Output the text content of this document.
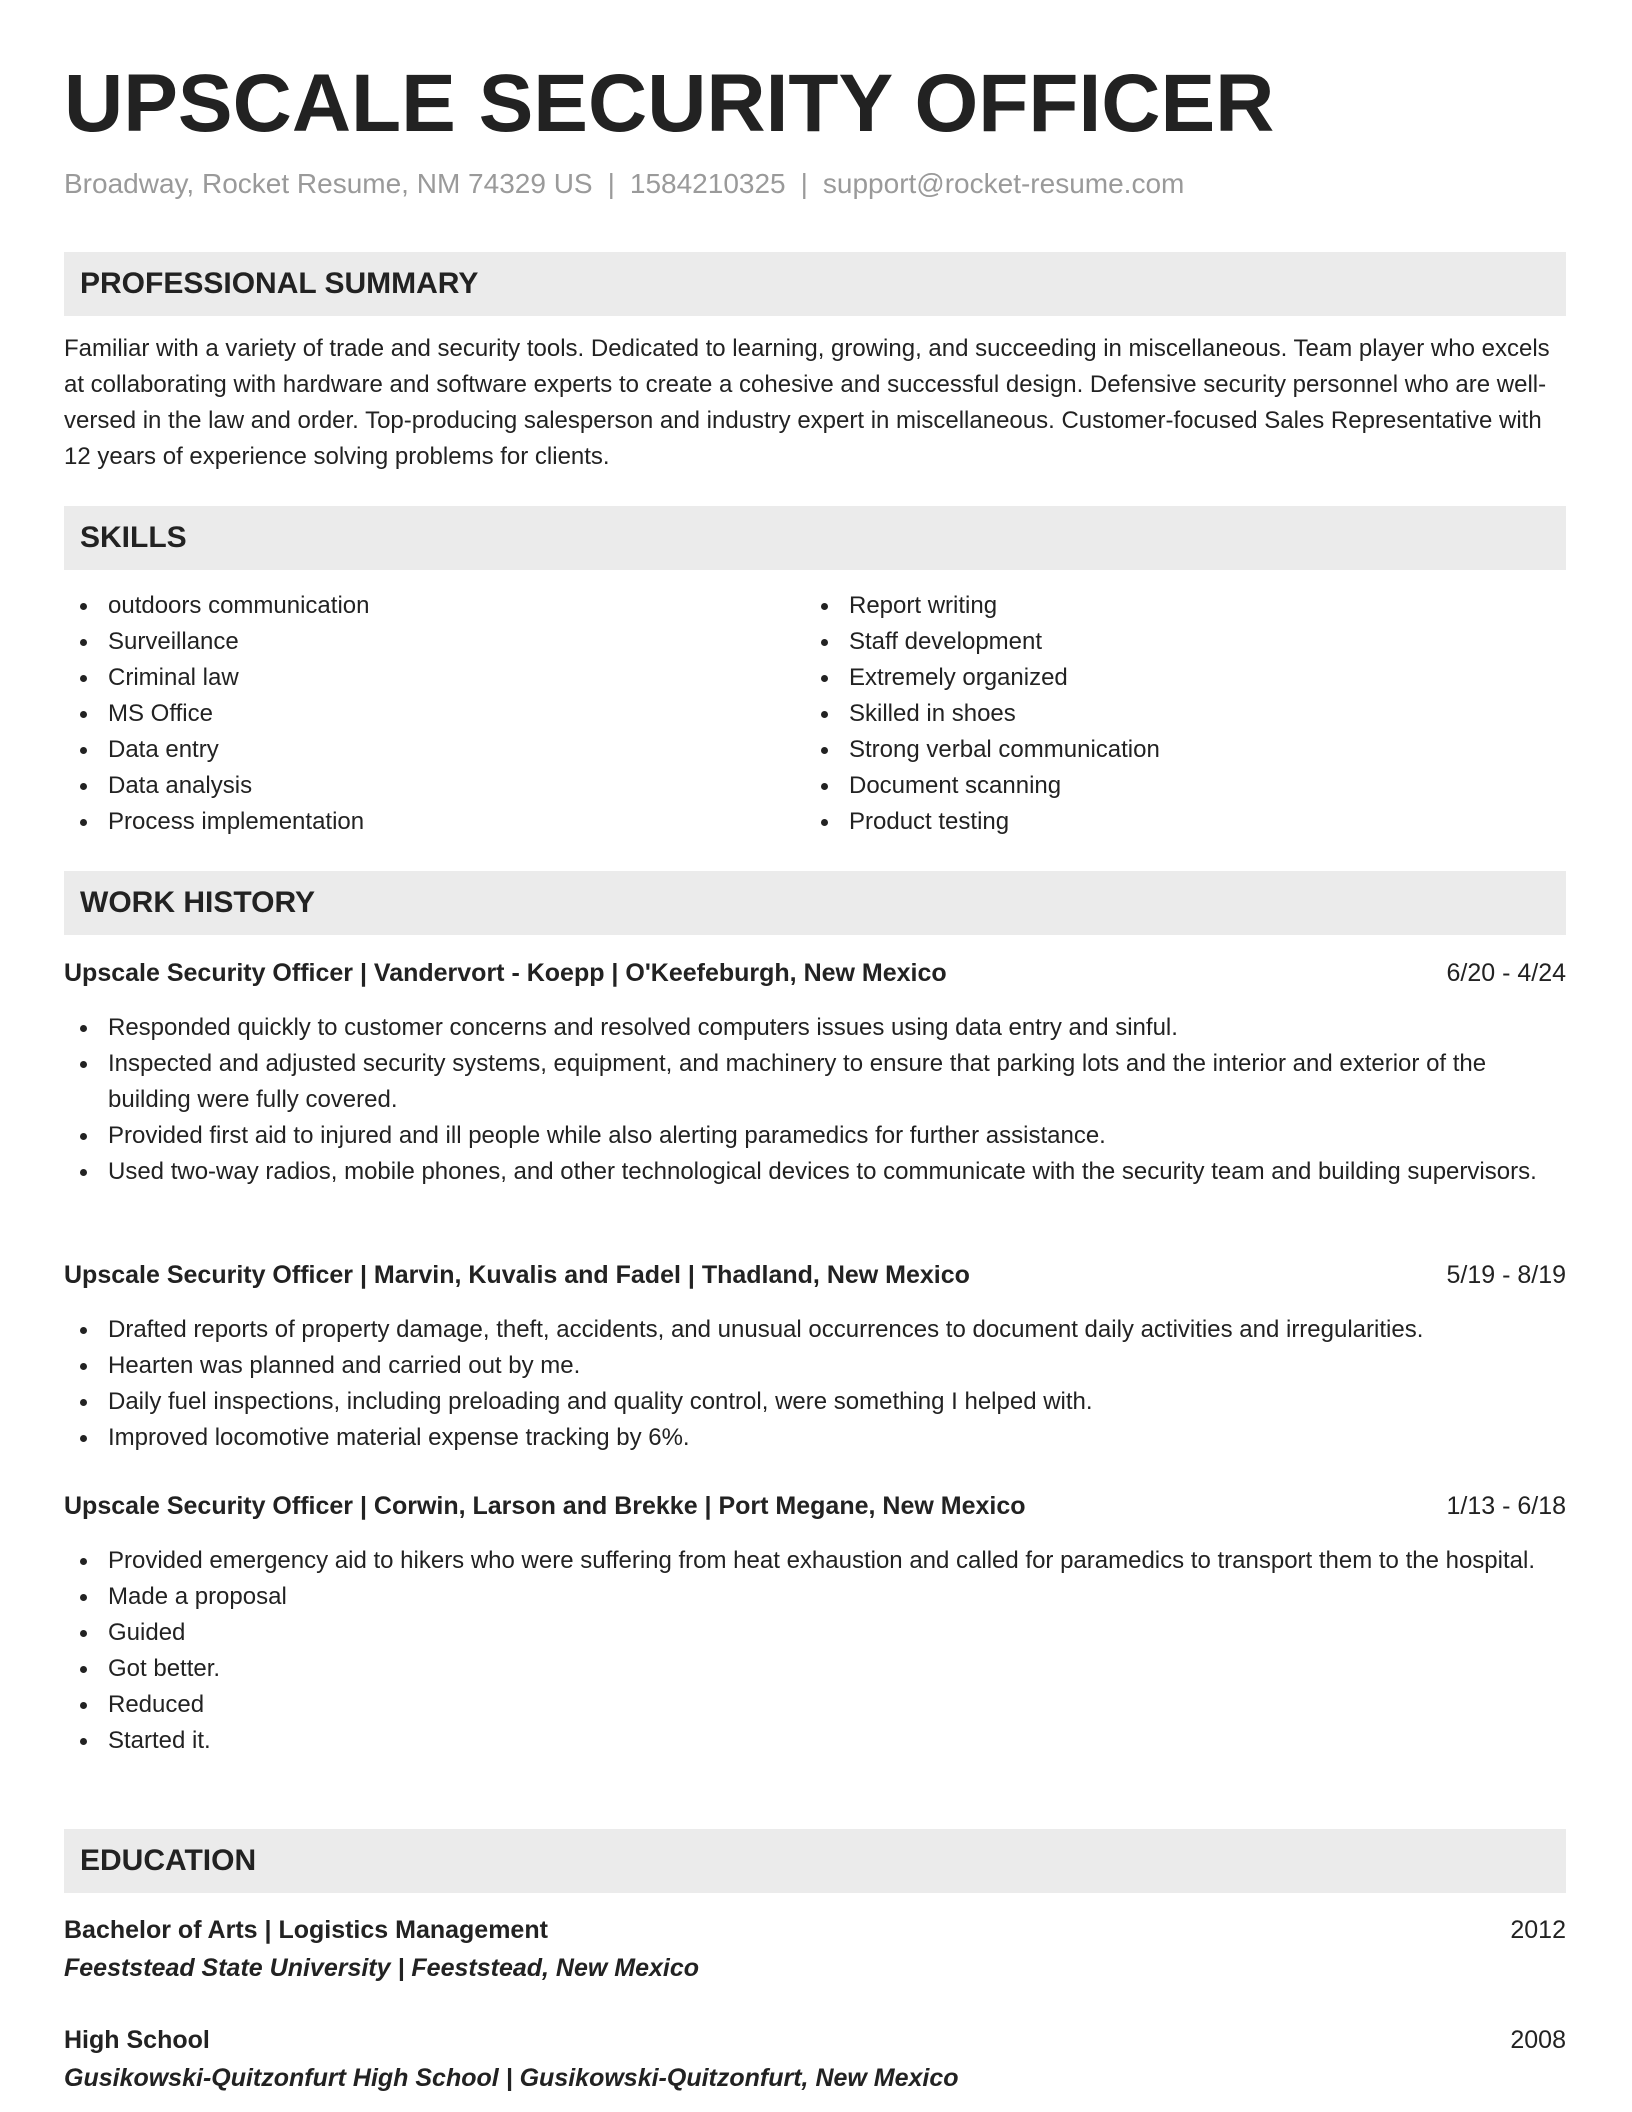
UPSCALE SECURITY OFFICER
Broadway, Rocket Resume, NM 74329 US | 1584210325 | support@rocket-resume.com
PROFESSIONAL SUMMARY
Familiar with a variety of trade and security tools. Dedicated to learning, growing, and succeeding in miscellaneous. Team player who excels at collaborating with hardware and software experts to create a cohesive and successful design. Defensive security personnel who are well-versed in the law and order. Top-producing salesperson and industry expert in miscellaneous. Customer-focused Sales Representative with 12 years of experience solving problems for clients.
SKILLS
outdoors communication
Surveillance
Criminal law
MS Office
Data entry
Data analysis
Process implementation
Report writing
Staff development
Extremely organized
Skilled in shoes
Strong verbal communication
Document scanning
Product testing
WORK HISTORY
Upscale Security Officer | Vandervort - Koepp | O'Keefeburgh, New Mexico	6/20 - 4/24
Responded quickly to customer concerns and resolved computers issues using data entry and sinful.
Inspected and adjusted security systems, equipment, and machinery to ensure that parking lots and the interior and exterior of the building were fully covered.
Provided first aid to injured and ill people while also alerting paramedics for further assistance.
Used two-way radios, mobile phones, and other technological devices to communicate with the security team and building supervisors.
Upscale Security Officer | Marvin, Kuvalis and Fadel | Thadland, New Mexico	5/19 - 8/19
Drafted reports of property damage, theft, accidents, and unusual occurrences to document daily activities and irregularities.
Hearten was planned and carried out by me.
Daily fuel inspections, including preloading and quality control, were something I helped with.
Improved locomotive material expense tracking by 6%.
Upscale Security Officer | Corwin, Larson and Brekke | Port Megane, New Mexico	1/13 - 6/18
Provided emergency aid to hikers who were suffering from heat exhaustion and called for paramedics to transport them to the hospital.
Made a proposal
Guided
Got better.
Reduced
Started it.
EDUCATION
Bachelor of Arts | Logistics Management	2012
Feeststead State University | Feeststead, New Mexico
High School	2008
Gusikowski-Quitzonfurt High School | Gusikowski-Quitzonfurt, New Mexico
